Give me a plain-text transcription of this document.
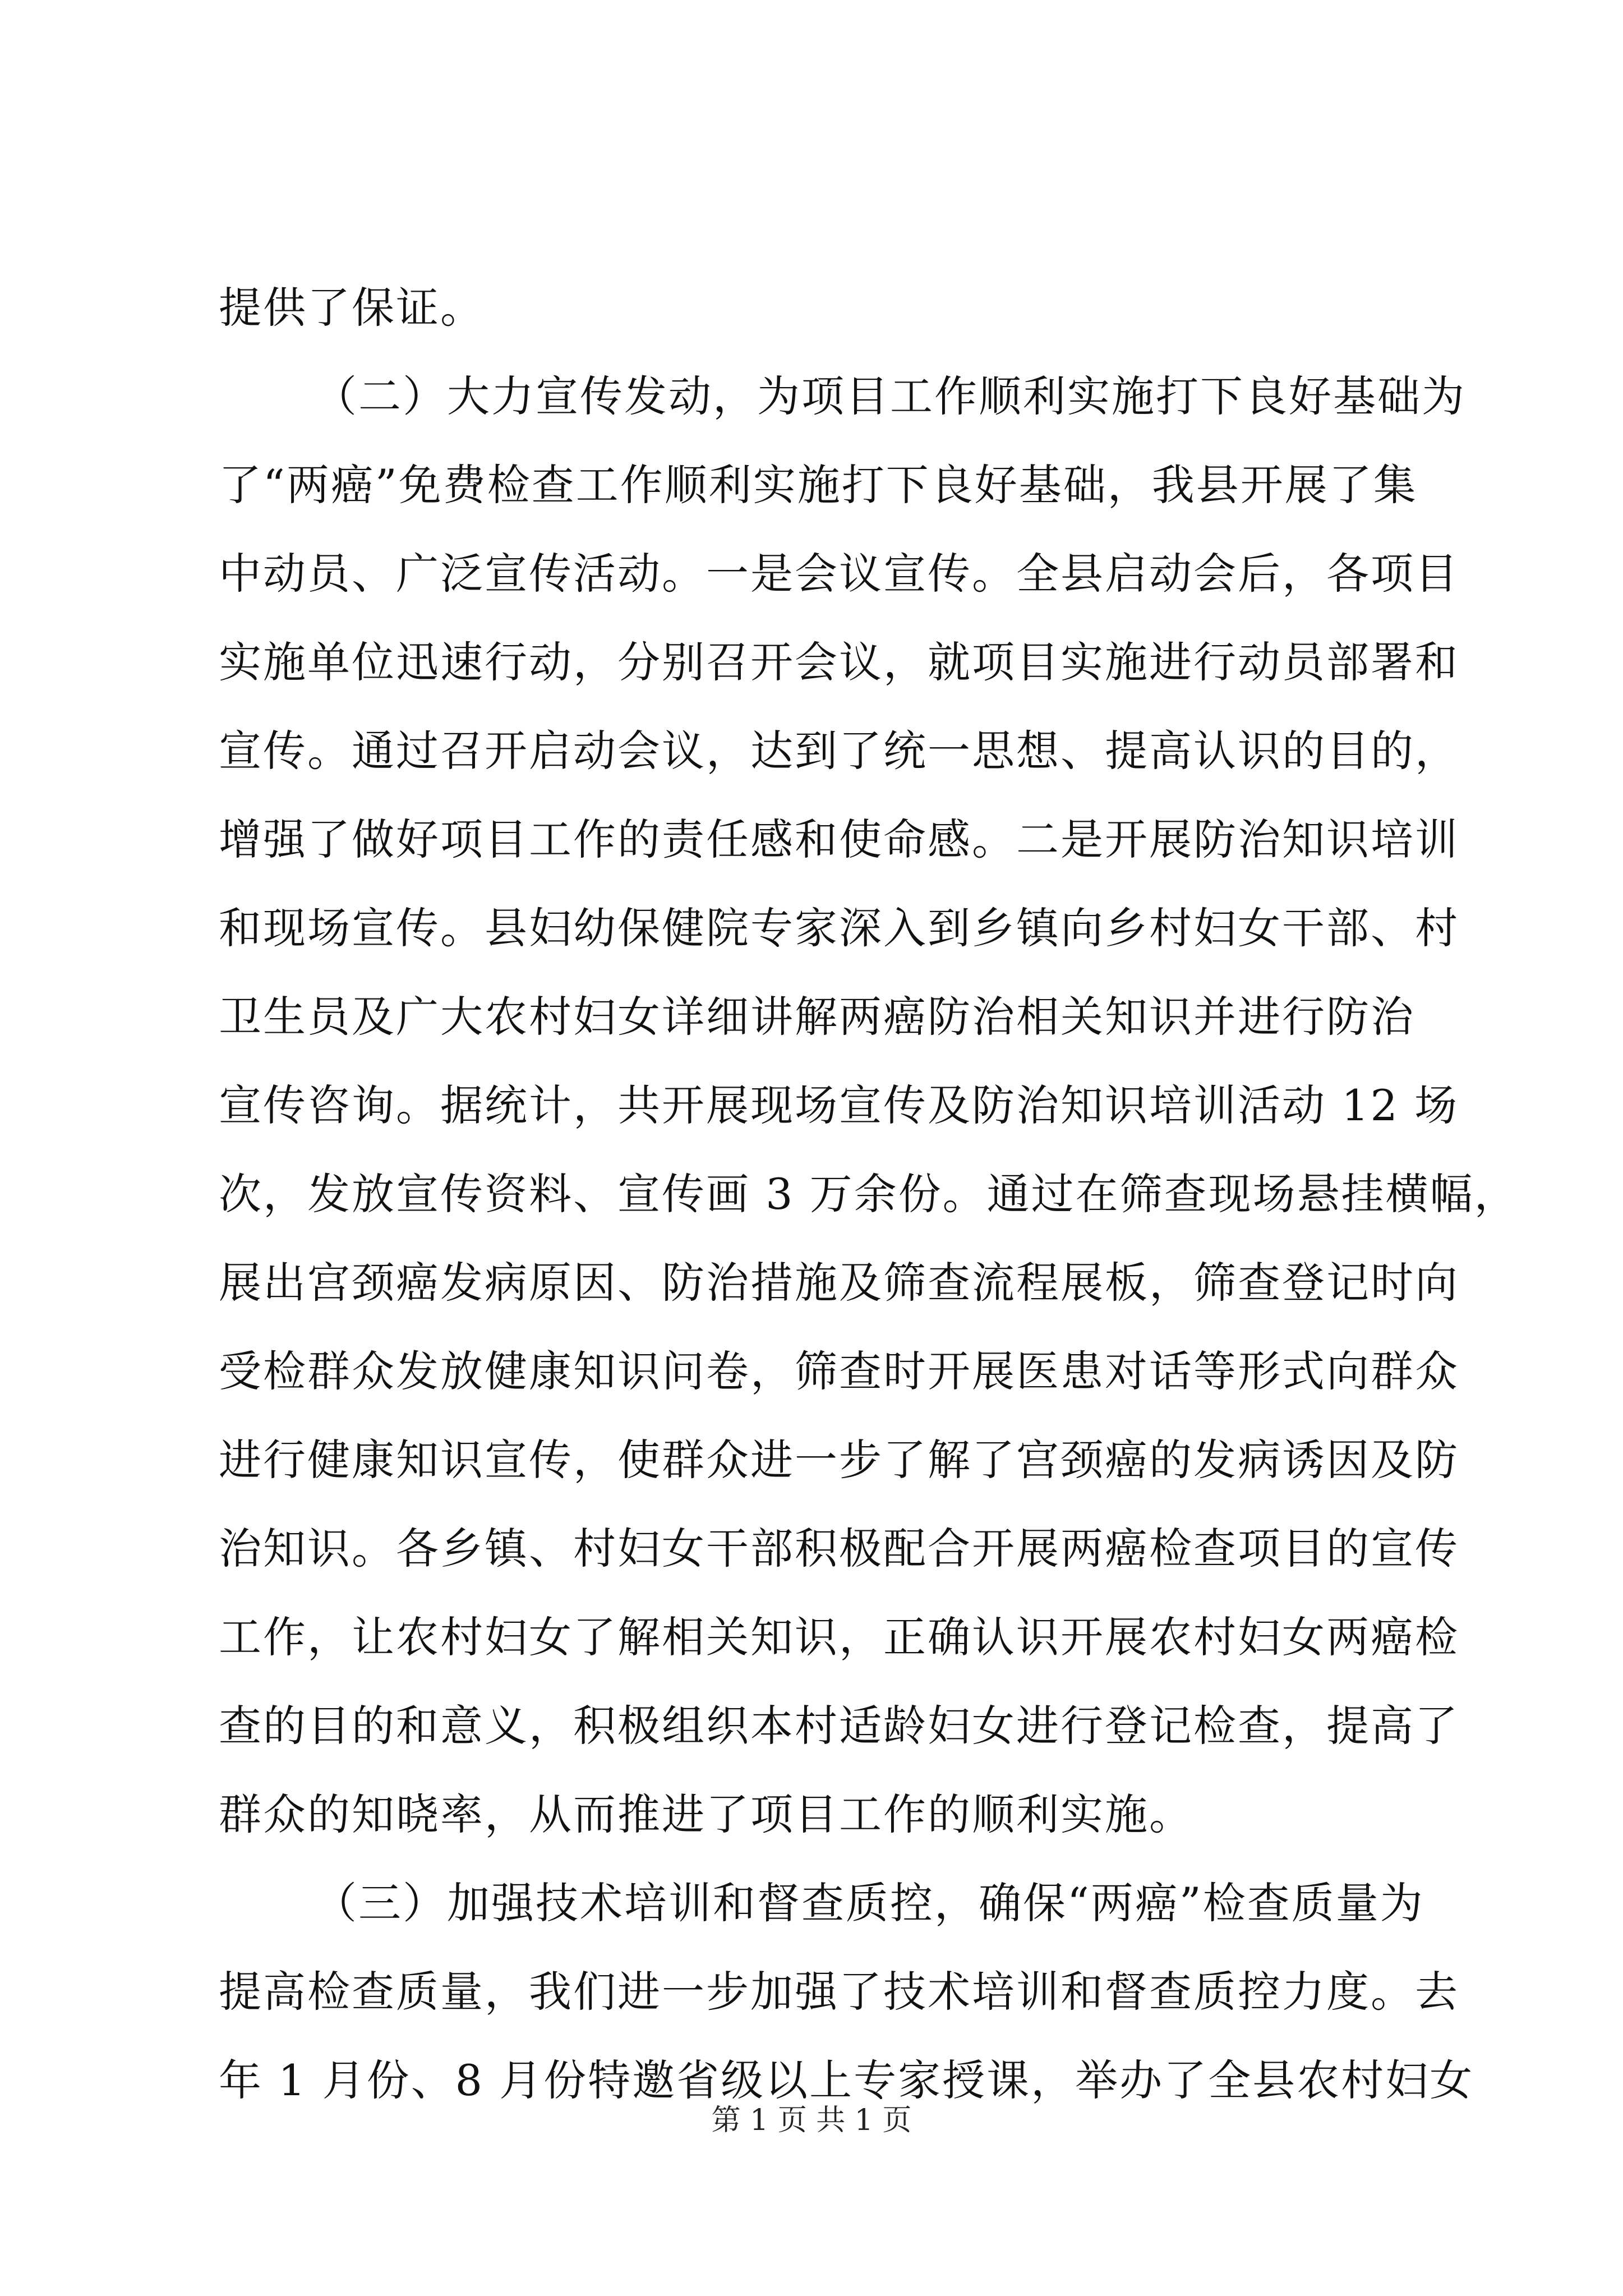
提供了保证。
（二）大力宣传发动，为项目工作顺利实施打下良好基础为
了“两癌”免费检查工作顺利实施打下良好基础，我县开展了集
中动员、广泛宣传活动。一是会议宣传。全县启动会后，各项目
实施单位迅速行动，分别召开会议，就项目实施进行动员部署和
宣传。通过召开启动会议，达到了统一思想、提高认识的目的，
增强了做好项目工作的责任感和使命感。二是开展防治知识培训
和现场宣传。县妇幼保健院专家深入到乡镇向乡村妇女干部、村
卫生员及广大农村妇女详细讲解两癌防治相关知识并进行防治
宣传咨询。据统计，共开展现场宣传及防治知识培训活动 12 场
次，发放宣传资料、宣传画 3 万余份。通过在筛查现场悬挂横幅，
展出宫颈癌发病原因、防治措施及筛查流程展板，筛查登记时向
受检群众发放健康知识问卷，筛查时开展医患对话等形式向群众
进行健康知识宣传，使群众进一步了解了宫颈癌的发病诱因及防
治知识。各乡镇、村妇女干部积极配合开展两癌检查项目的宣传
工作，让农村妇女了解相关知识，正确认识开展农村妇女两癌检
查的目的和意义，积极组织本村适龄妇女进行登记检查，提高了
群众的知晓率，从而推进了项目工作的顺利实施。
（三）加强技术培训和督查质控，确保“两癌”检查质量为
提高检查质量，我们进一步加强了技术培训和督查质控力度。去
年 1 月份、8 月份特邀省级以上专家授课，举办了全县农村妇女
第 1 页 共 1 页
